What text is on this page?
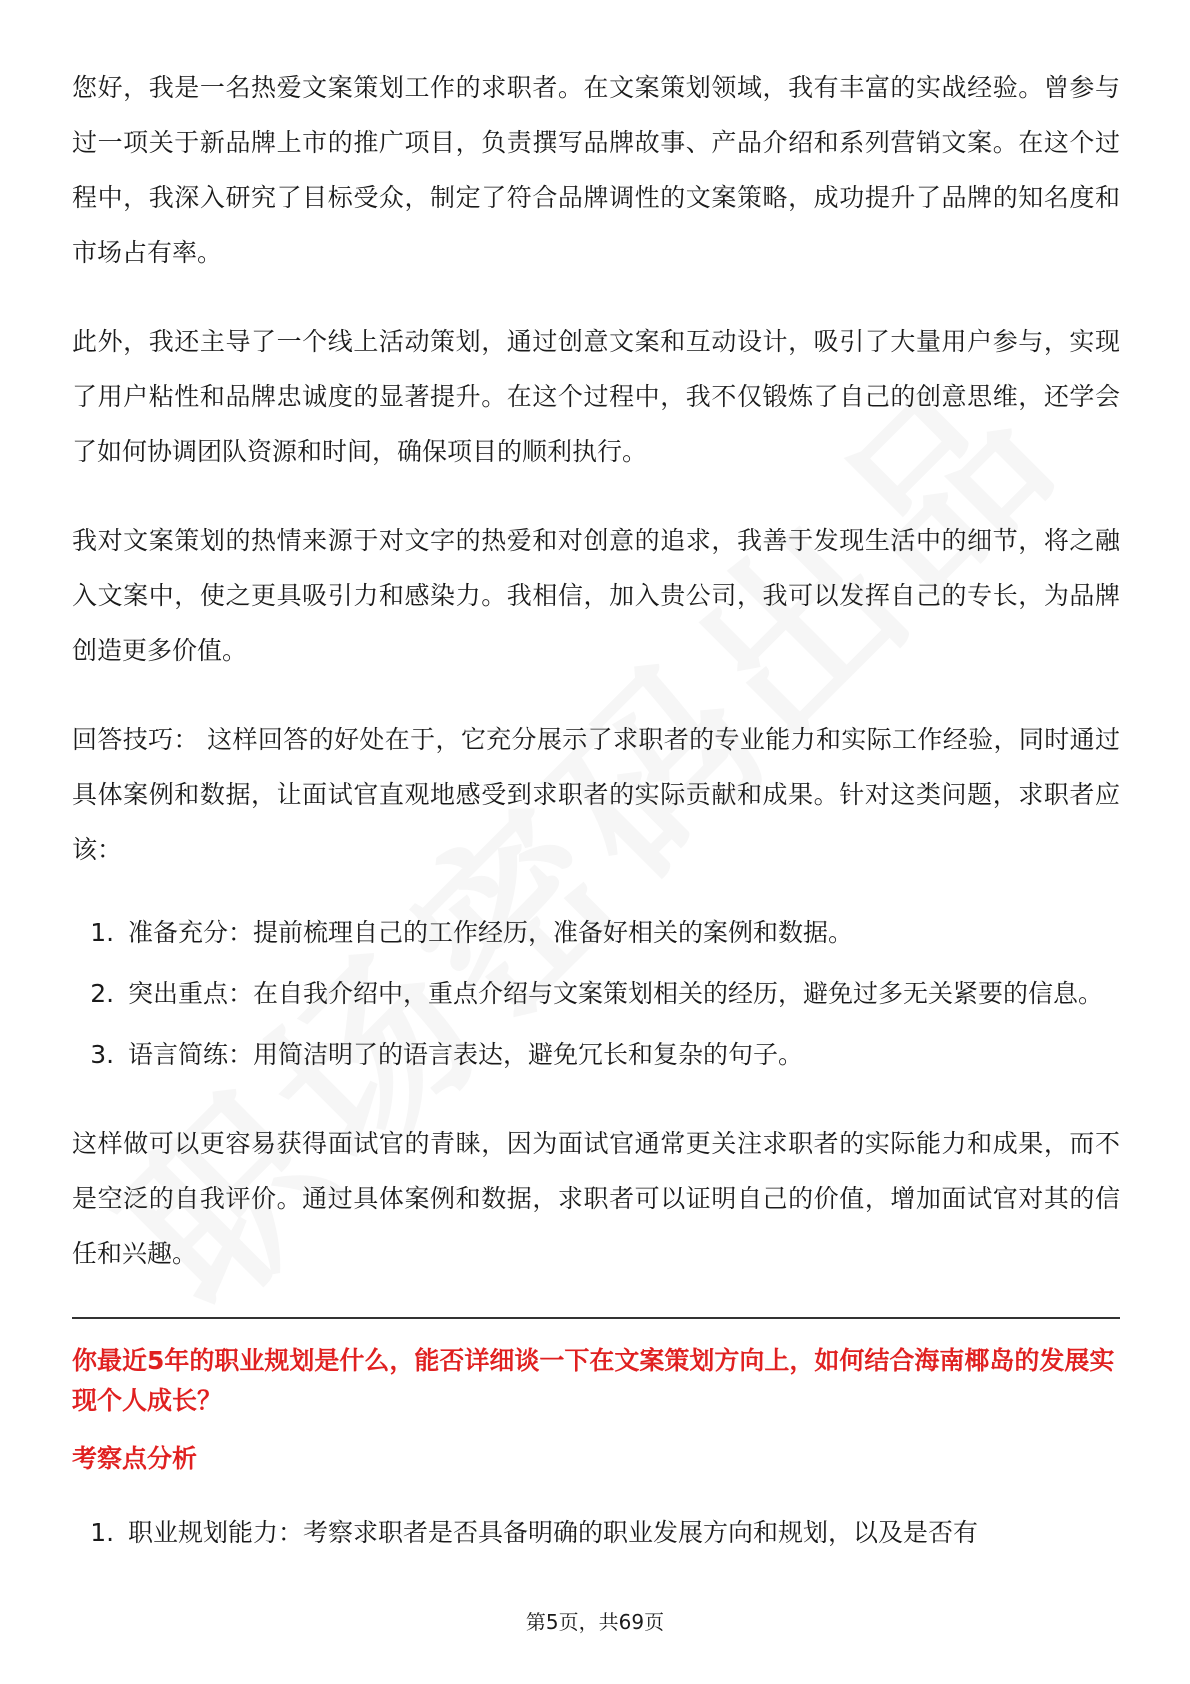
您好，我是一名热爱文案策划工作的求职者。在文案策划领域，我有丰富的实战经验。曾参与过一项关于新品牌上市的推广项目，负责撰写品牌故事、产品介绍和系列营销文案。在这个过程中，我深入研究了目标受众，制定了符合品牌调性的文案策略，成功提升了品牌的知名度和市场占有率。

此外，我还主导了一个线上活动策划，通过创意文案和互动设计，吸引了大量用户参与，实现了用户粘性和品牌忠诚度的显著提升。在这个过程中，我不仅锻炼了自己的创意思维，还学会了如何协调团队资源和时间，确保项目的顺利执行。

我对文案策划的热情来源于对文字的热爱和对创意的追求，我善于发现生活中的细节，将之融入文案中，使之更具吸引力和感染力。我相信，加入贵公司，我可以发挥自己的专长，为品牌创造更多价值。

回答技巧： 这样回答的好处在于，它充分展示了求职者的专业能力和实际工作经验，同时通过具体案例和数据，让面试官直观地感受到求职者的实际贡献和成果。针对这类问题，求职者应该：

1. 准备充分：提前梳理自己的工作经历，准备好相关的案例和数据。
2. 突出重点：在自我介绍中，重点介绍与文案策划相关的经历，避免过多无关紧要的信息。
3. 语言简练：用简洁明了的语言表达，避免冗长和复杂的句子。

这样做可以更容易获得面试官的青睐，因为面试官通常更关注求职者的实际能力和成果，而不是空泛的自我评价。通过具体案例和数据，求职者可以证明自己的价值，增加面试官对其的信任和兴趣。

你最近5年的职业规划是什么，能否详细谈一下在文案策划方向上，如何结合海南椰岛的发展实现个人成长？
考察点分析
1. 职业规划能力：考察求职者是否具备明确的职业发展方向和规划，以及是否有
第5页，共69页
